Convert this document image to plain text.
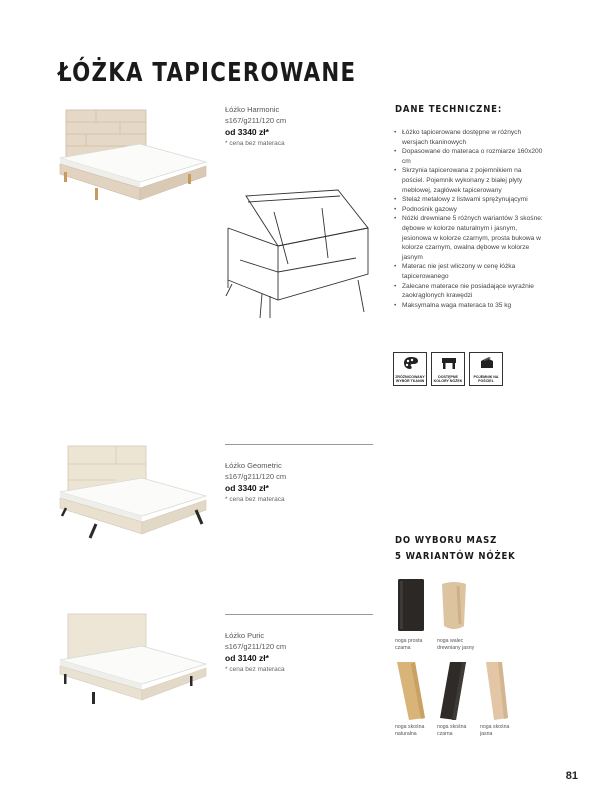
ŁÓŻKA TAPICEROWANE
Łóżko Harmonic
s167/g211/120 cm
od 3340 zł*
* cena bez materaca
DANE TECHNICZNE:
• Łóżko tapicerowane dostępne w różnych wersjach tkaninowych
• Dopasowane do materaca o rozmiarze 160x200 cm
• Skrzynia tapicerowana z pojemnikiem na pościel. Pojemnik wykonany z białej płyty meblowej, zagłówek tapicerowany
• Stelaż metalowy z listwami sprężynującymi
• Podnośnik gazowy
• Nóżki drewniane 5 różnych wariantów 3 skośne: dębowe w kolorze naturalnym i jasnym, jesionowa w kolorze czarnym, prosta bukowa w kolorze czarnym, owalna dębowe w kolorze jasnym
• Materac nie jest wliczony w cenę łóżka tapicerowanego
• Zalecane materace nie posiadające wyraźnie zaokrąglonych krawędzi
• Maksymalna waga materaca to 35 kg
ZRÓŻNICOWANY WYBÓR TKANIN
DOSTĘPNE KOLORY NÓŻEK
POJEMNIK NA POŚCIEL
Łóżko Geometric
s167/g211/120 cm
od 3340 zł*
* cena bez materaca
DO WYBORU MASZ
5 WARIANTÓW NÓŻEK
noga prosta czarna
noga walec drewniany jasny
noga skośna naturalna
noga skośna czarna
noga skośna jasna
Łóżko Puric
s167/g211/120 cm
od 3140 zł*
* cena bez materaca
81
